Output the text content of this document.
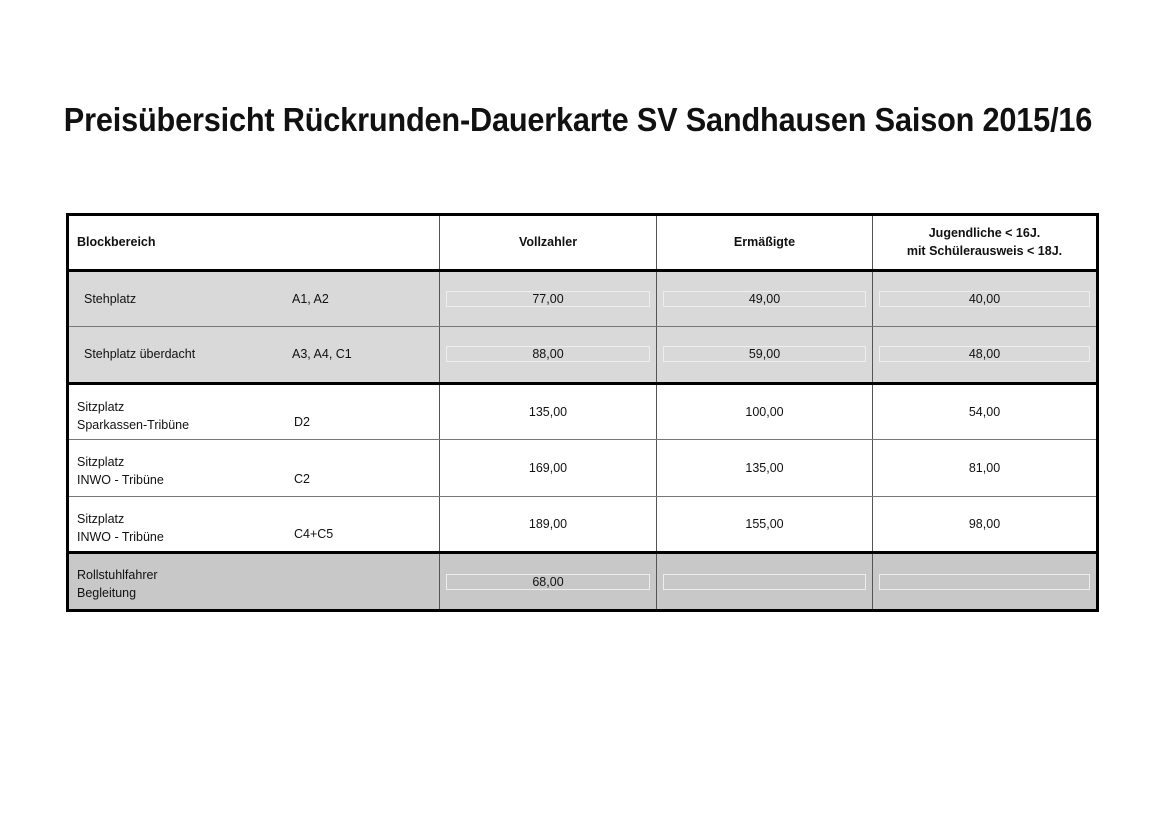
Preisübersicht Rückrunden-Dauerkarte SV Sandhausen Saison 2015/16
Blockbereich	Vollzahler	Ermäßigte	Jugendliche < 16J.
mit Schülerausweis < 18J.

Stehplatz A1, A2	77,00	49,00	40,00

Stehplatz überdacht A3, A4, C1	88,00	59,00	48,00

Sitzplatz
Sparkassen-Tribüne D2	135,00	100,00	54,00

Sitzplatz
INWO - Tribüne C2	169,00	135,00	81,00

Sitzplatz
INWO - Tribüne C4+C5	189,00	155,00	98,00

Rollstuhlfahrer
Begleitung	68,00		
